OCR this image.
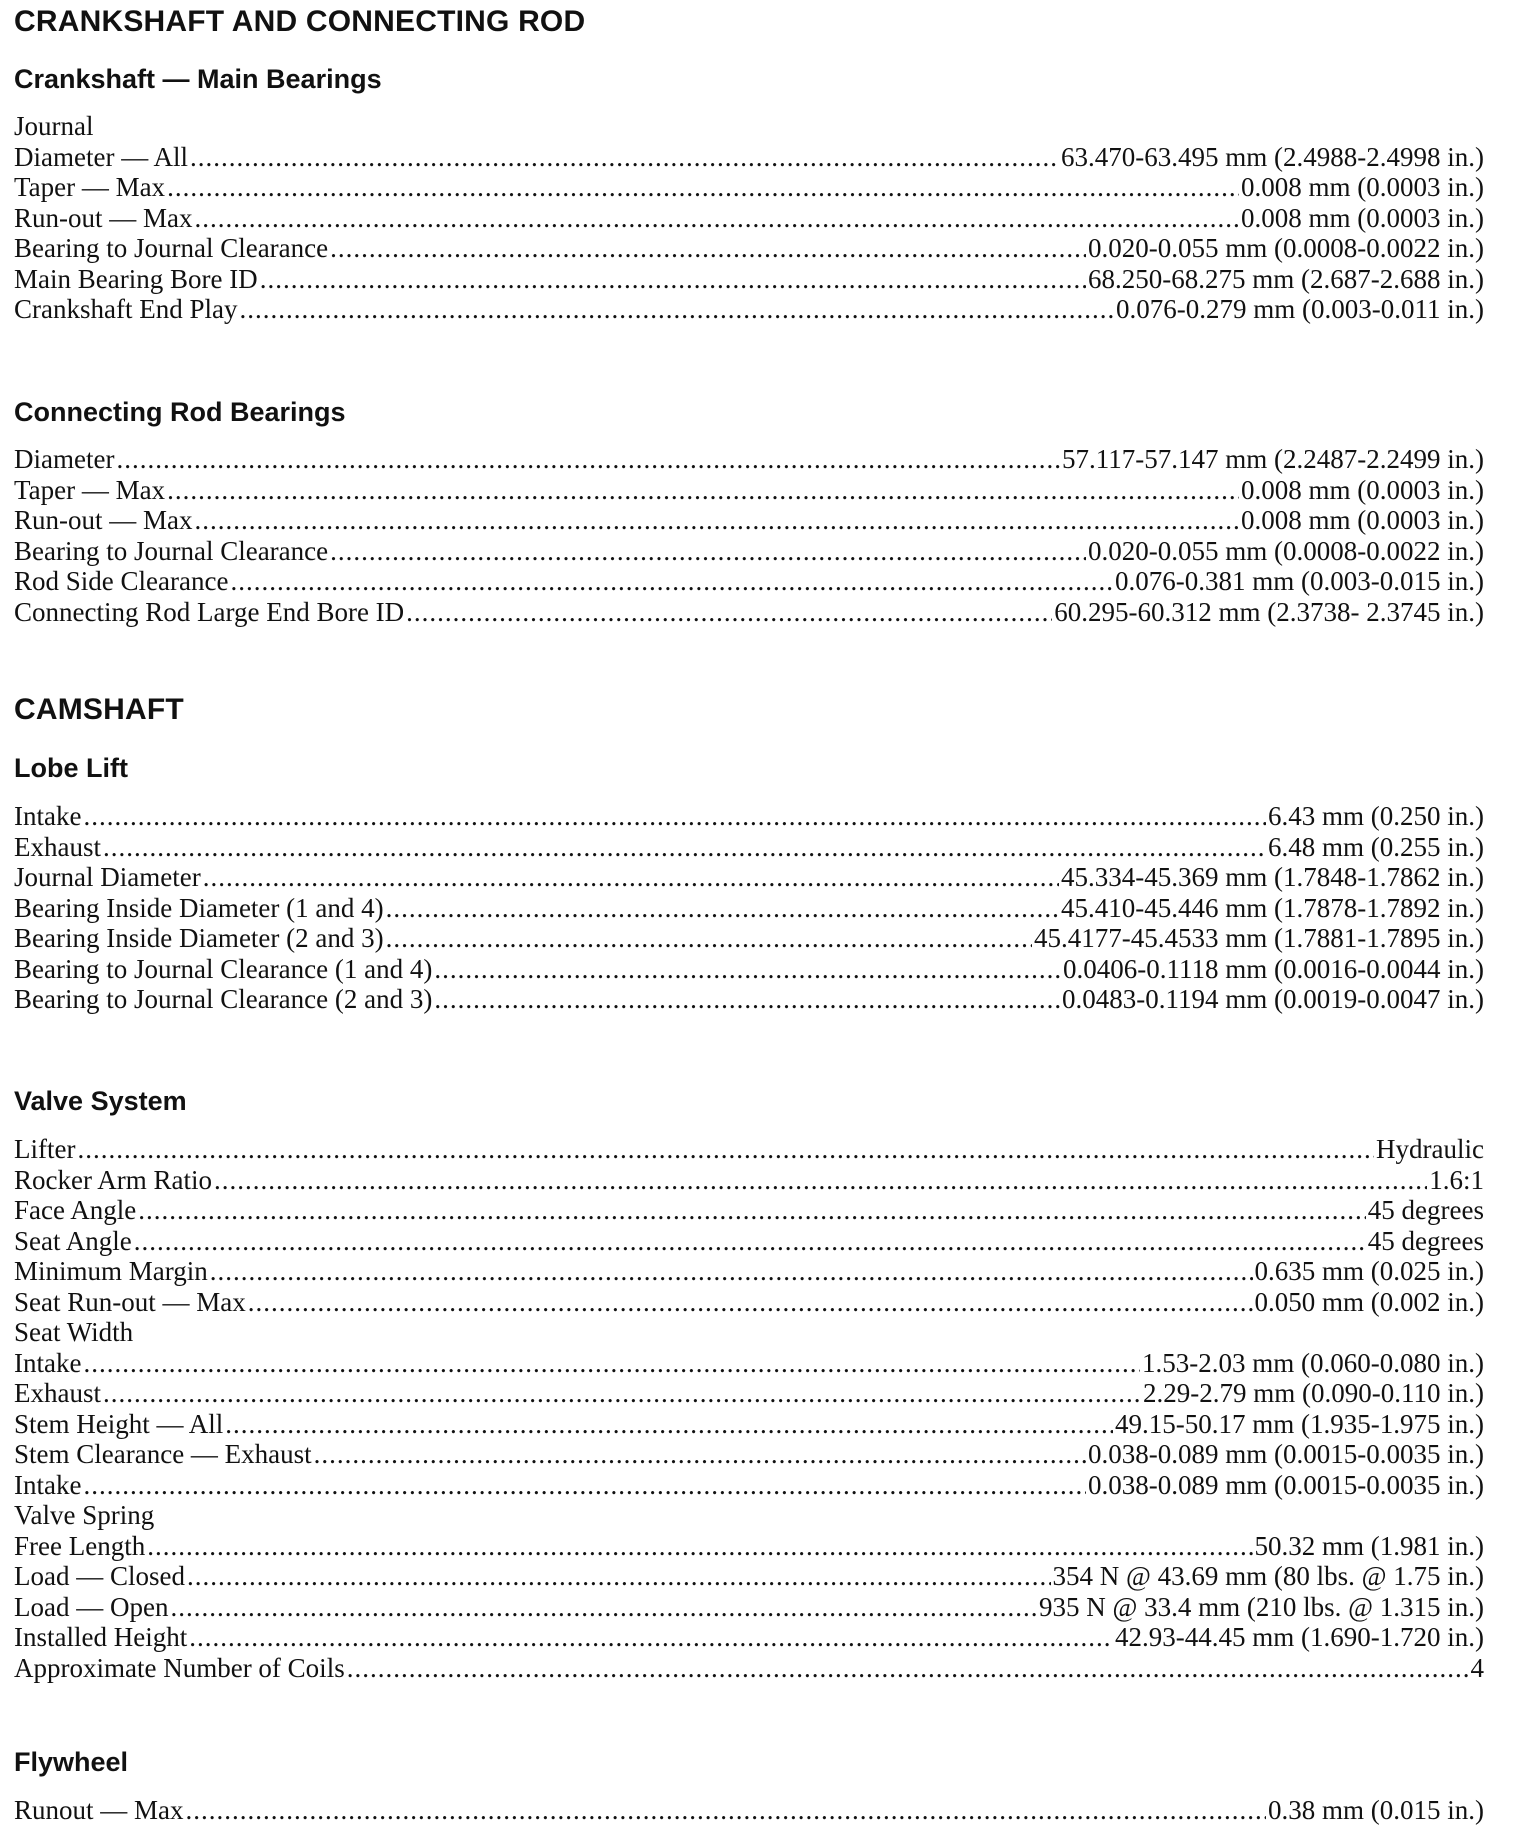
CRANKSHAFT AND CONNECTING ROD
Crankshaft — Main Bearings
Journal
Diameter — All .....	63.470-63.495 mm (2.4988-2.4998 in.)
Taper — Max .....	0.008 mm (0.0003 in.)
Run-out — Max .....	0.008 mm (0.0003 in.)
Bearing to Journal Clearance .....	0.020-0.055 mm (0.0008-0.0022 in.)
Main Bearing Bore ID .....	68.250-68.275 mm (2.687-2.688 in.)
Crankshaft End Play .....	0.076-0.279 mm (0.003-0.011 in.)
Connecting Rod Bearings
Diameter .....	57.117-57.147 mm (2.2487-2.2499 in.)
Taper — Max .....	0.008 mm (0.0003 in.)
Run-out — Max .....	0.008 mm (0.0003 in.)
Bearing to Journal Clearance .....	0.020-0.055 mm (0.0008-0.0022 in.)
Rod Side Clearance .....	0.076-0.381 mm (0.003-0.015 in.)
Connecting Rod Large End Bore ID .....	60.295-60.312 mm (2.3738- 2.3745 in.)
CAMSHAFT
Lobe Lift
Intake .....	6.43 mm (0.250 in.)
Exhaust .....	6.48 mm (0.255 in.)
Journal Diameter .....	45.334-45.369 mm (1.7848-1.7862 in.)
Bearing Inside Diameter (1 and 4) .....	45.410-45.446 mm (1.7878-1.7892 in.)
Bearing Inside Diameter (2 and 3) .....	45.4177-45.4533 mm (1.7881-1.7895 in.)
Bearing to Journal Clearance (1 and 4) .....	0.0406-0.1118 mm (0.0016-0.0044 in.)
Bearing to Journal Clearance (2 and 3) .....	0.0483-0.1194 mm (0.0019-0.0047 in.)
Valve System
Lifter .....	Hydraulic
Rocker Arm Ratio .....	1.6:1
Face Angle .....	45 degrees
Seat Angle .....	45 degrees
Minimum Margin .....	0.635 mm (0.025 in.)
Seat Run-out — Max .....	0.050 mm (0.002 in.)
Seat Width
Intake .....	1.53-2.03 mm (0.060-0.080 in.)
Exhaust .....	2.29-2.79 mm (0.090-0.110 in.)
Stem Height — All .....	49.15-50.17 mm (1.935-1.975 in.)
Stem Clearance — Exhaust .....	0.038-0.089 mm (0.0015-0.0035 in.)
Intake .....	0.038-0.089 mm (0.0015-0.0035 in.)
Valve Spring
Free Length .....	50.32 mm (1.981 in.)
Load — Closed .....	354 N @ 43.69 mm (80 lbs. @ 1.75 in.)
Load — Open .....	935 N @ 33.4 mm (210 lbs. @ 1.315 in.)
Installed Height .....	42.93-44.45 mm (1.690-1.720 in.)
Approximate Number of Coils .....	4
Flywheel
Runout — Max .....	0.38 mm (0.015 in.)
